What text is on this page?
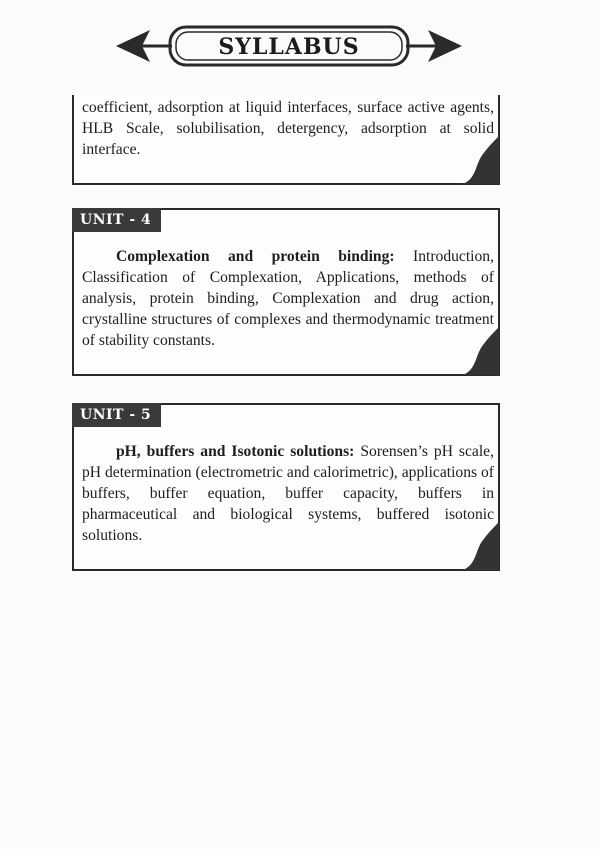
SYLLABUS
coefficient, adsorption at liquid interfaces, surface active agents, HLB Scale, solubilisation, detergency, adsorption at solid interface.
UNIT - 4
Complexation and protein binding: Introduction, Classification of Complexation, Applications, methods of analysis, protein binding, Complexation and drug action, crystalline structures of complexes and thermodynamic treatment of stability constants.
UNIT - 5
pH, buffers and Isotonic solutions: Sorensen’s pH scale, pH determination (electrometric and calorimetric), applications of buffers, buffer equation, buffer capacity, buffers in pharmaceutical and biological systems, buffered isotonic solutions.
